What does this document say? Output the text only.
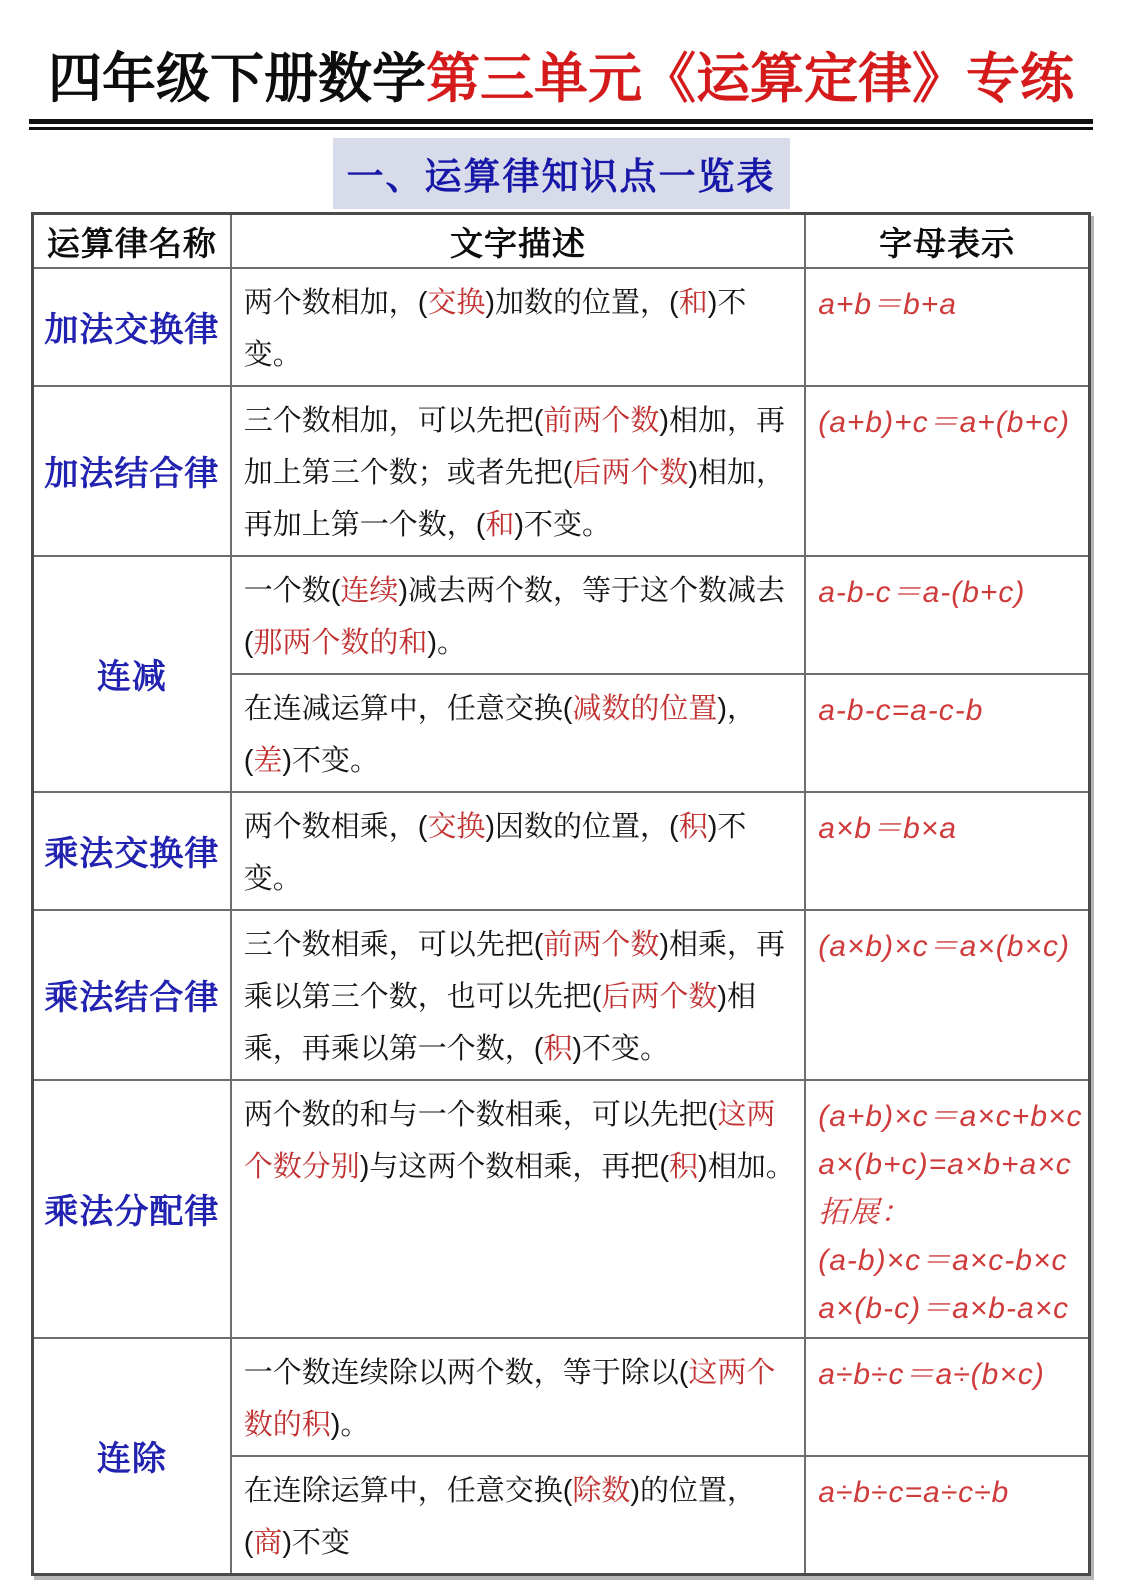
四年级下册数学第三单元《运算定律》专练
一、运算律知识点一览表
运算律名称	文字描述	字母表示
加法交换律	两个数相加，(交换)加数的位置，(和)不变。	a+b＝b+a

加法结合律	三个数相加，可以先把(前两个数)相加，再加上第三个数；或者先把(后两个数)相加，再加上第一个数，(和)不变。	(a+b)+c＝a+(b+c)

连减	一个数(连续)减去两个数，等于这个数减去(那两个数的和)。	a-b-c＝a-(b+c)

	在连减运算中，任意交换(减数的位置)，(差)不变。	a-b-c=a-c-b

乘法交换律	两个数相乘，(交换)因数的位置，(积)不变。	a×b＝b×a

乘法结合律	三个数相乘，可以先把(前两个数)相乘，再乘以第三个数，也可以先把(后两个数)相乘，再乘以第一个数，(积)不变。	(a×b)×c＝a×(b×c)

乘法分配律	两个数的和与一个数相乘，可以先把(这两个数分别)与这两个数相乘，再把(积)相加。	(a+b)×c＝a×c+b×c
a×(b+c)=a×b+a×c
拓展：
(a-b)×c＝a×c-b×c
a×(b-c)＝a×b-a×c

连除	一个数连续除以两个数，等于除以(这两个数的积)。	a÷b÷c＝a÷(b×c)

	在连除运算中，任意交换(除数)的位置，(商)不变	a÷b÷c=a÷c÷b
